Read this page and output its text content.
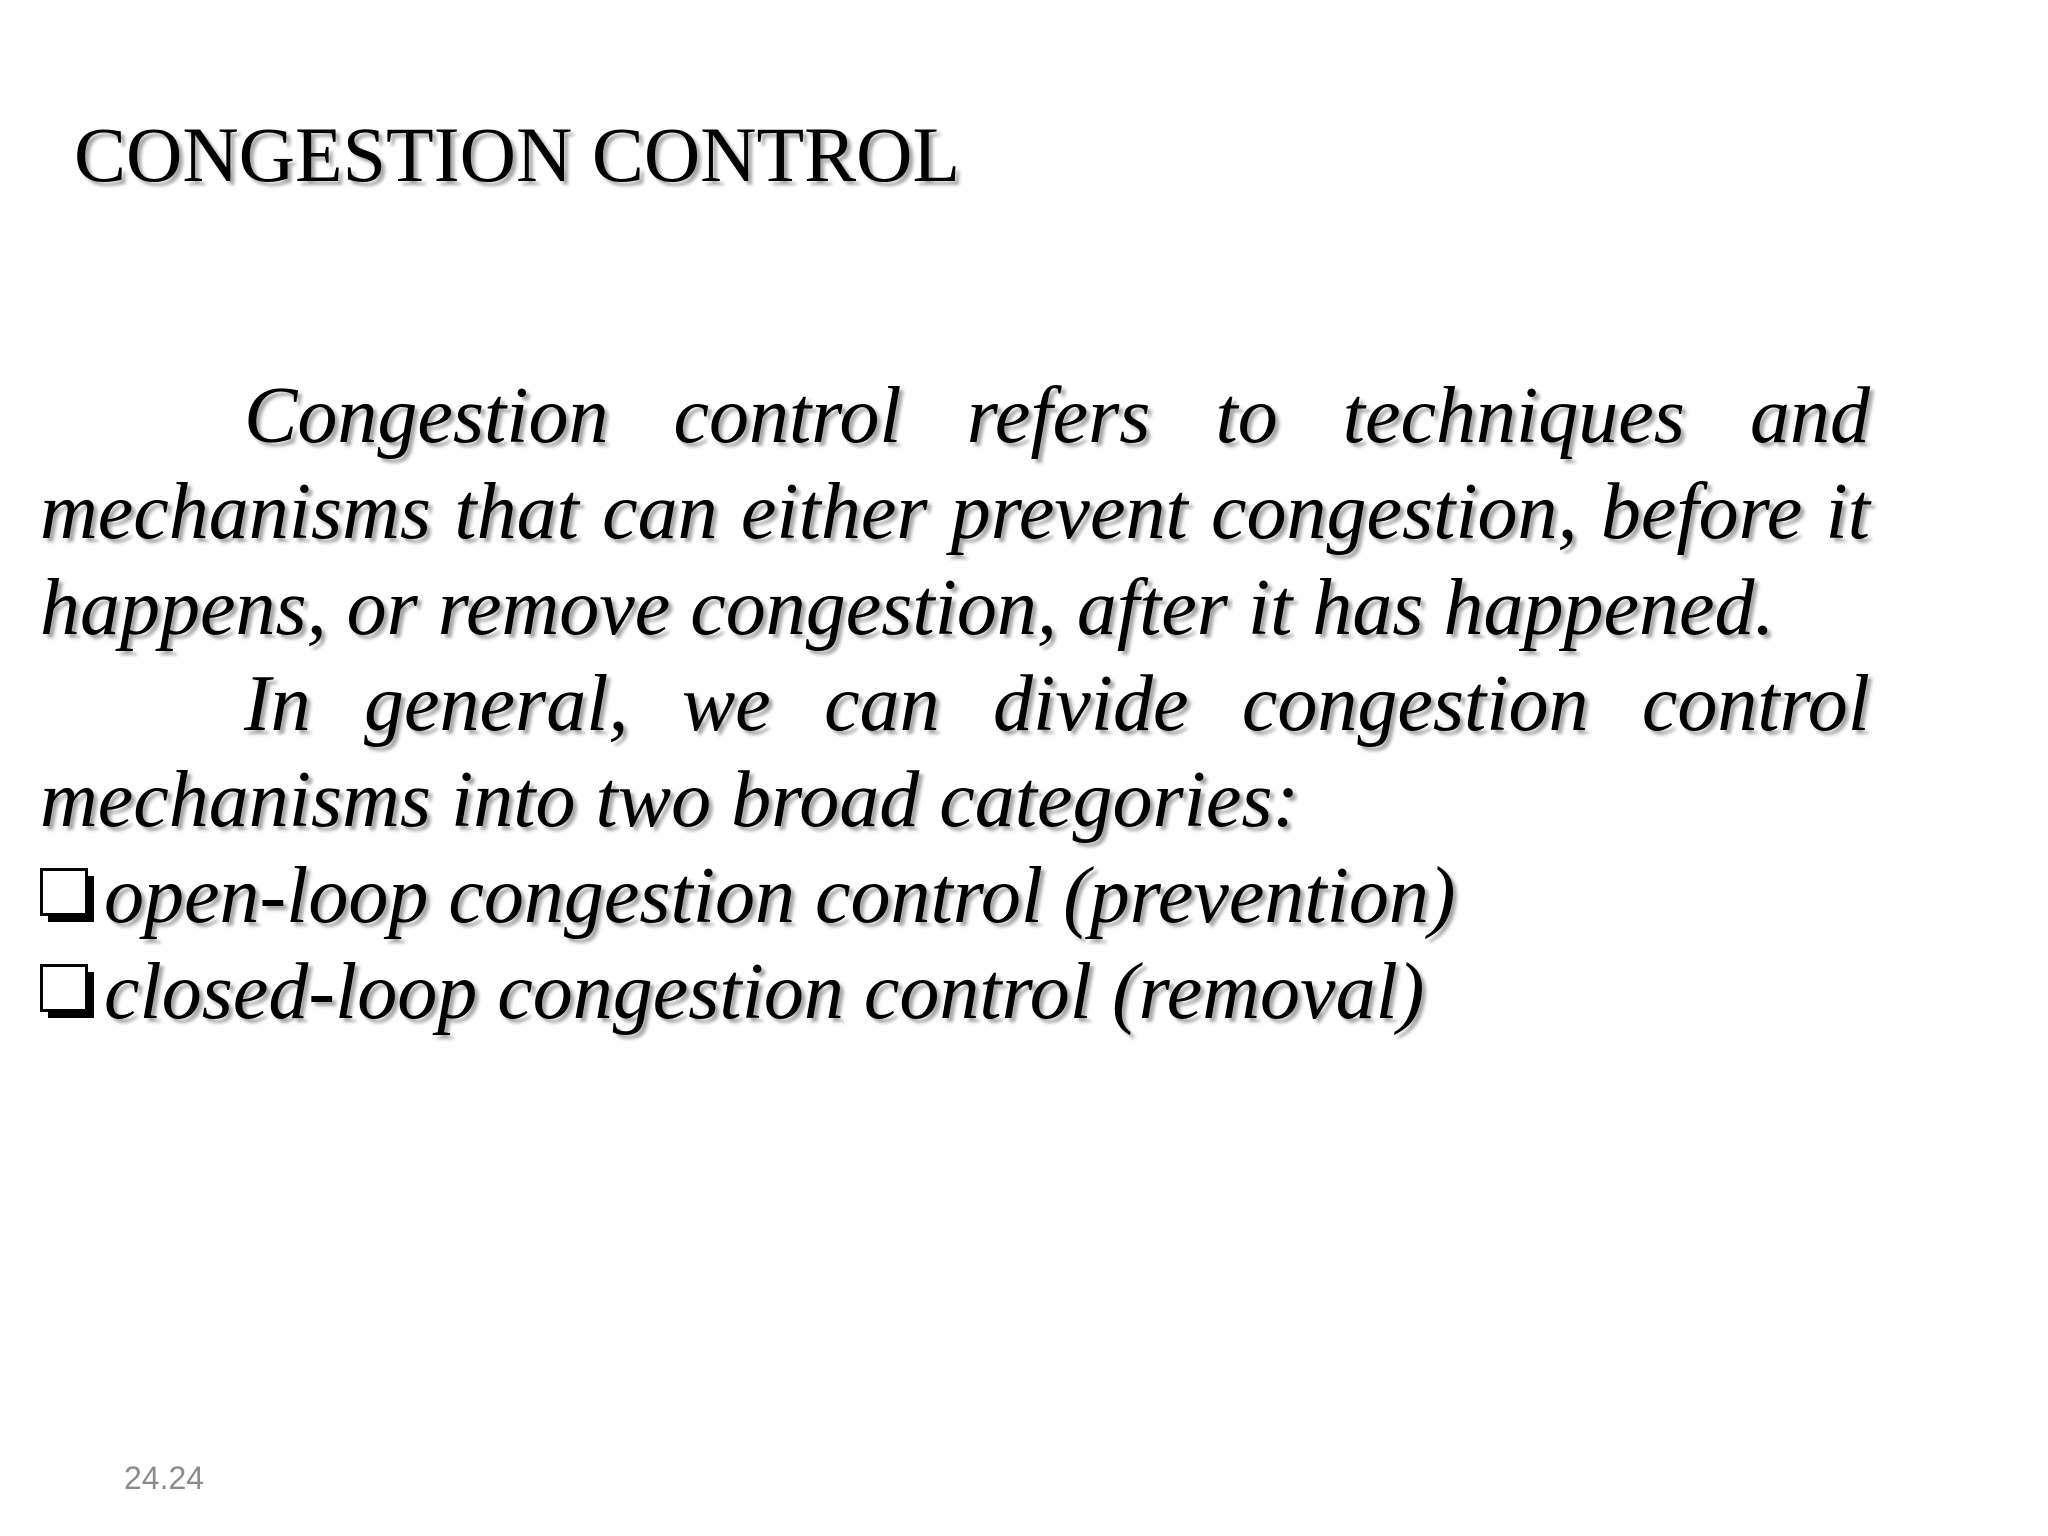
CONGESTION CONTROL

Congestion control refers to techniques and mechanisms that can either prevent congestion, before it happens, or remove congestion, after it has happened.

In general, we can divide congestion control mechanisms into two broad categories:

open-loop congestion control (prevention)
closed-loop congestion control (removal)
24.24
